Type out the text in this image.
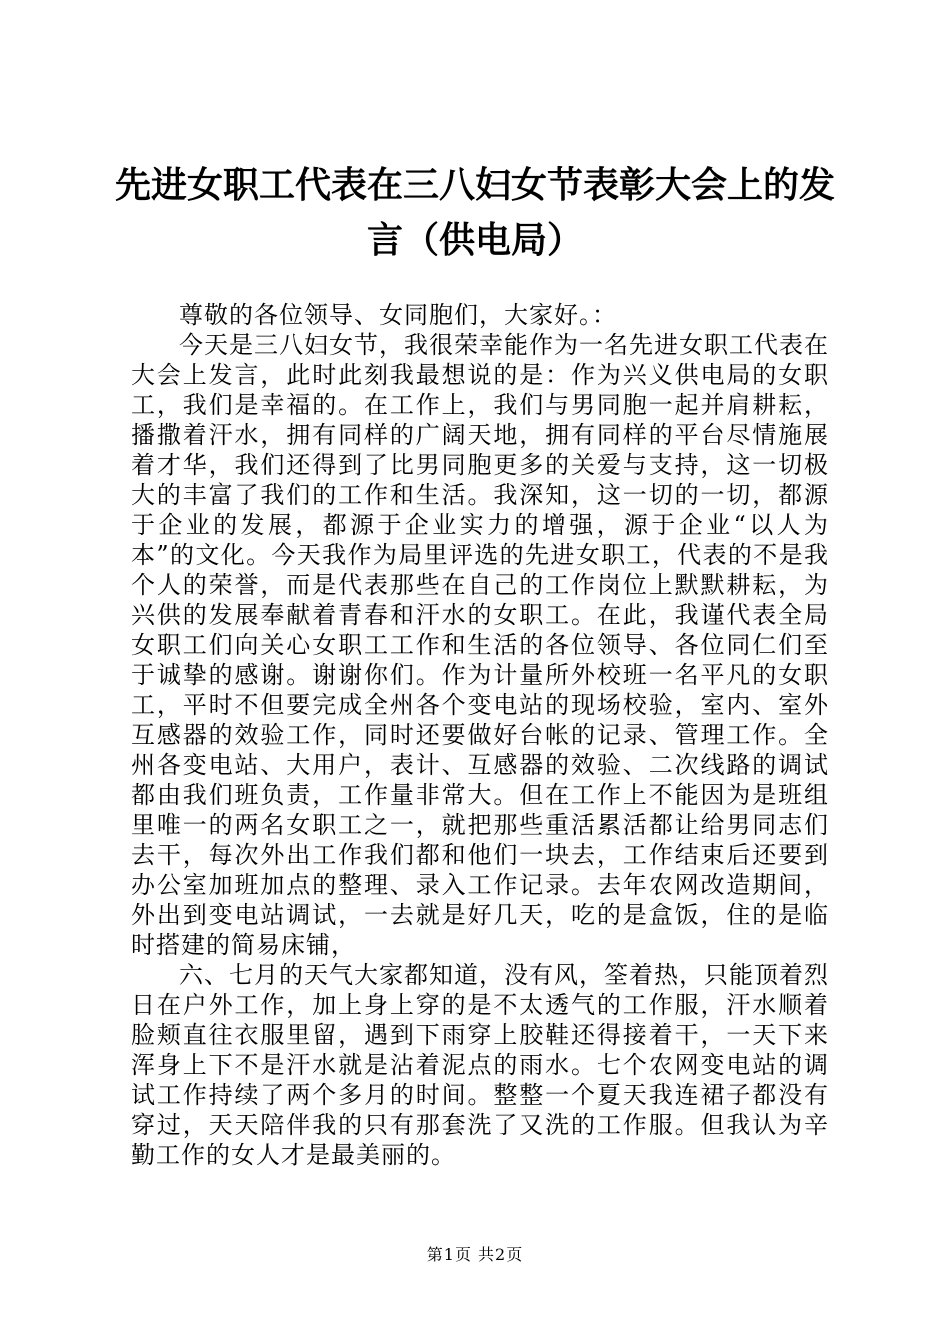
先进女职工代表在三八妇女节表彰大会上的发
言（供电局）

尊敬的各位领导、女同胞们，大家好。：

今天是三八妇女节，我很荣幸能作为一名先进女职工代表在大会上发言，此时此刻我最想说的是：作为兴义供电局的女职工，我们是幸福的。在工作上，我们与男同胞一起并肩耕耘，播撒着汗水，拥有同样的广阔天地，拥有同样的平台尽情施展着才华，我们还得到了比男同胞更多的关爱与支持，这一切极大的丰富了我们的工作和生活。我深知，这一切的一切，都源于企业的发展，都源于企业实力的增强，源于企业“以人为本”的文化。今天我作为局里评选的先进女职工，代表的不是我个人的荣誉，而是代表那些在自己的工作岗位上默默耕耘，为兴供的发展奉献着青春和汗水的女职工。在此，我谨代表全局女职工们向关心女职工工作和生活的各位领导、各位同仁们至于诚挚的感谢。谢谢你们。作为计量所外校班一名平凡的女职工，平时不但要完成全州各个变电站的现场校验，室内、室外互感器的效验工作，同时还要做好台帐的记录、管理工作。全州各变电站、大用户，表计、互感器的效验、二次线路的调试都由我们班负责，工作量非常大。但在工作上不能因为是班组里唯一的两名女职工之一，就把那些重活累活都让给男同志们去干，每次外出工作我们都和他们一块去，工作结束后还要到办公室加班加点的整理、录入工作记录。去年农网改造期间，外出到变电站调试，一去就是好几天，吃的是盒饭，住的是临时搭建的简易床铺，

六、七月的天气大家都知道，没有风，筌着热，只能顶着烈日在户外工作，加上身上穿的是不太透气的工作服，汗水顺着脸颊直往衣服里留，遇到下雨穿上胶鞋还得接着干，一天下来浑身上下不是汗水就是沾着泥点的雨水。七个农网变电站的调试工作持续了两个多月的时间。整整一个夏天我连裙子都没有穿过，天天陪伴我的只有那套洗了又洗的工作服。但我认为辛勤工作的女人才是最美丽的。

第1页 共2页
